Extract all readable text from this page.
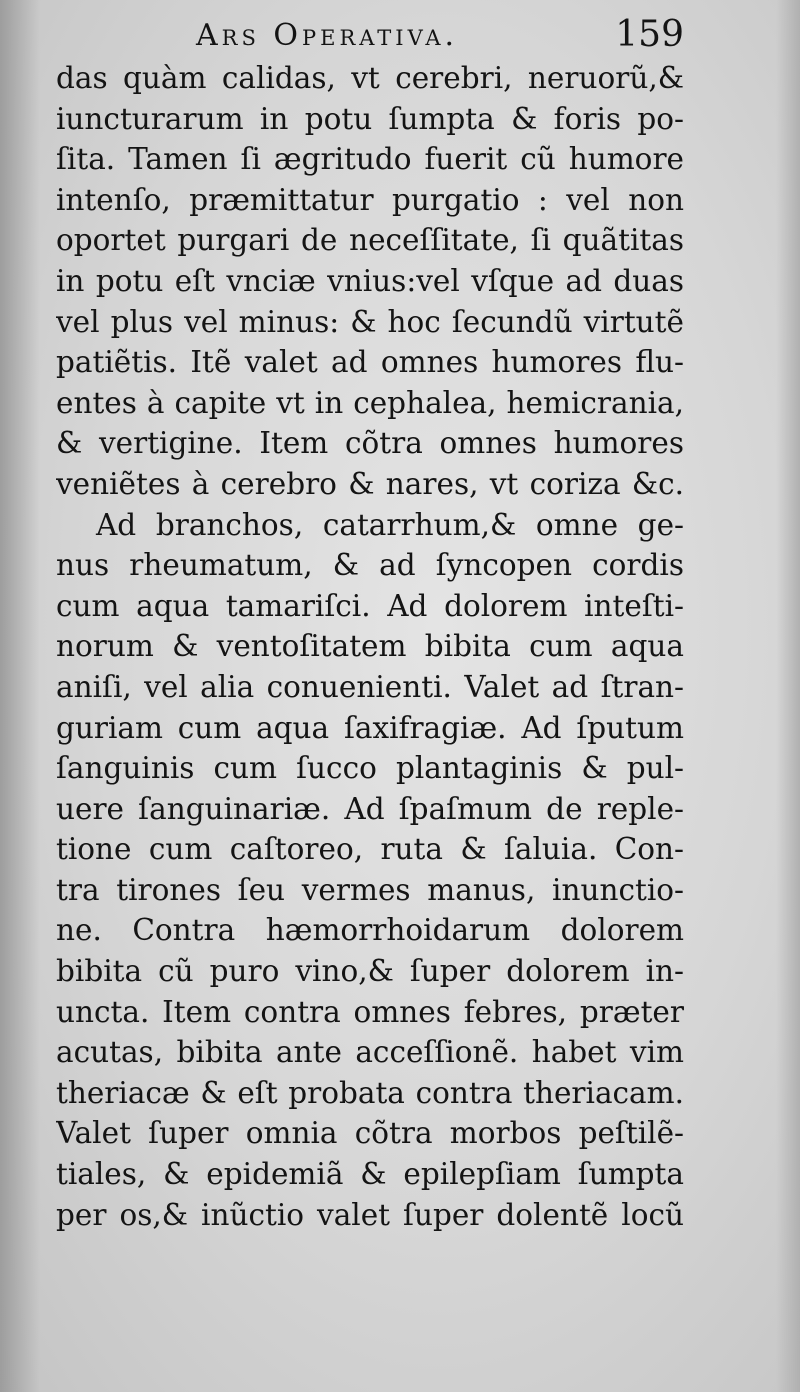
Ars Operativa.	159
das quàm calidas, vt cerebri, neruorũ,&
iuncturarum in potu ſumpta & foris po-
ſita. Tamen ſi ægritudo fuerit cũ humore
intenſo, præmittatur purgatio : vel non
oportet purgari de neceſſitate, ſi quãtitas
in potu eſt vnciæ vnius:vel vſque ad duas
vel plus vel minus: & hoc ſecundũ virtutẽ
patiẽtis. Itẽ valet ad omnes humores flu-
entes à capite vt in cephalea, hemicrania,
& vertigine. Item cõtra omnes humores
veniẽtes à cerebro & nares, vt coriza &c.
Ad branchos, catarrhum,& omne ge-
nus rheumatum, & ad ſyncopen cordis
cum aqua tamariſci. Ad dolorem inteſti-
norum & ventoſitatem bibita cum aqua
aniſi, vel alia conuenienti. Valet ad ſtran-
guriam cum aqua ſaxifragiæ. Ad ſputum
ſanguinis cum ſucco plantaginis & pul-
uere ſanguinariæ. Ad ſpaſmum de reple-
tione cum caſtoreo, ruta & ſaluia. Con-
tra tirones ſeu vermes manus, inunctio-
ne. Contra hæmorrhoidarum dolorem
bibita cũ puro vino,& ſuper dolorem in-
uncta. Item contra omnes febres, præter
acutas, bibita ante acceſſionẽ. habet vim
theriacæ & eſt probata contra theriacam.
Valet ſuper omnia cõtra morbos peſtilẽ-
tiales, & epidemiã & epilepſiam ſumpta
per os,& inũctio valet ſuper dolentẽ locũ
